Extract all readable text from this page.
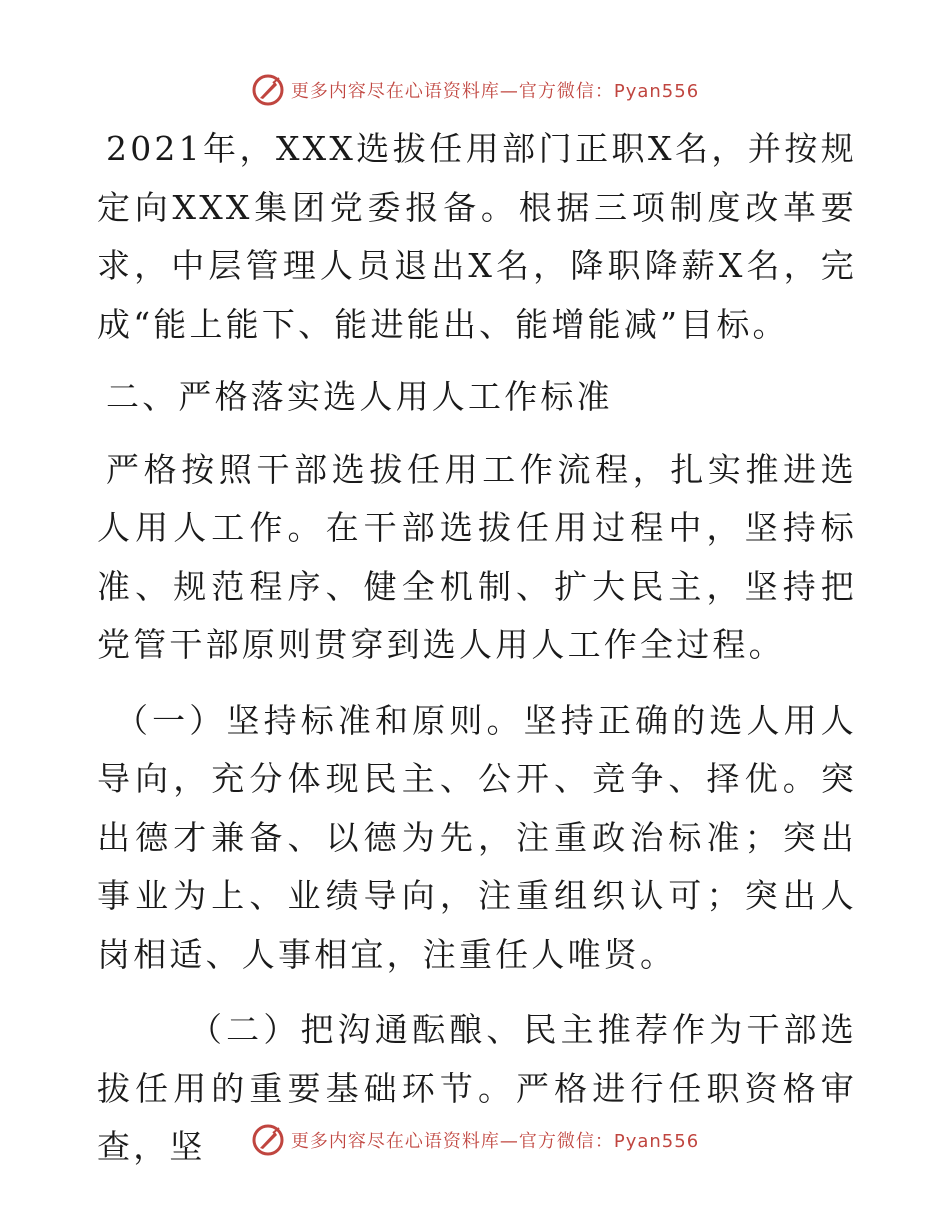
更多内容尽在心语资料库—官方微信：Pyan556

2021年，XXX选拔任用部门正职X名，并按规定向XXX集团党委报备。根据三项制度改革要求，中层管理人员退出X名，降职降薪X名，完成“能上能下、能进能出、能增能减”目标。

二、严格落实选人用人工作标准

严格按照干部选拔任用工作流程，扎实推进选人用人工作。在干部选拔任用过程中，坚持标准、规范程序、健全机制、扩大民主，坚持把党管干部原则贯穿到选人用人工作全过程。

（一）坚持标准和原则。坚持正确的选人用人导向，充分体现民主、公开、竞争、择优。突出德才兼备、以德为先，注重政治标准；突出事业为上、业绩导向，注重组织认可；突出人岗相适、人事相宜，注重任人唯贤。

（二）把沟通酝酿、民主推荐作为干部选拔任用的重要基础环节。严格进行任职资格审查，坚	更多内容尽在心语资料库—官方微信：Pyan556
